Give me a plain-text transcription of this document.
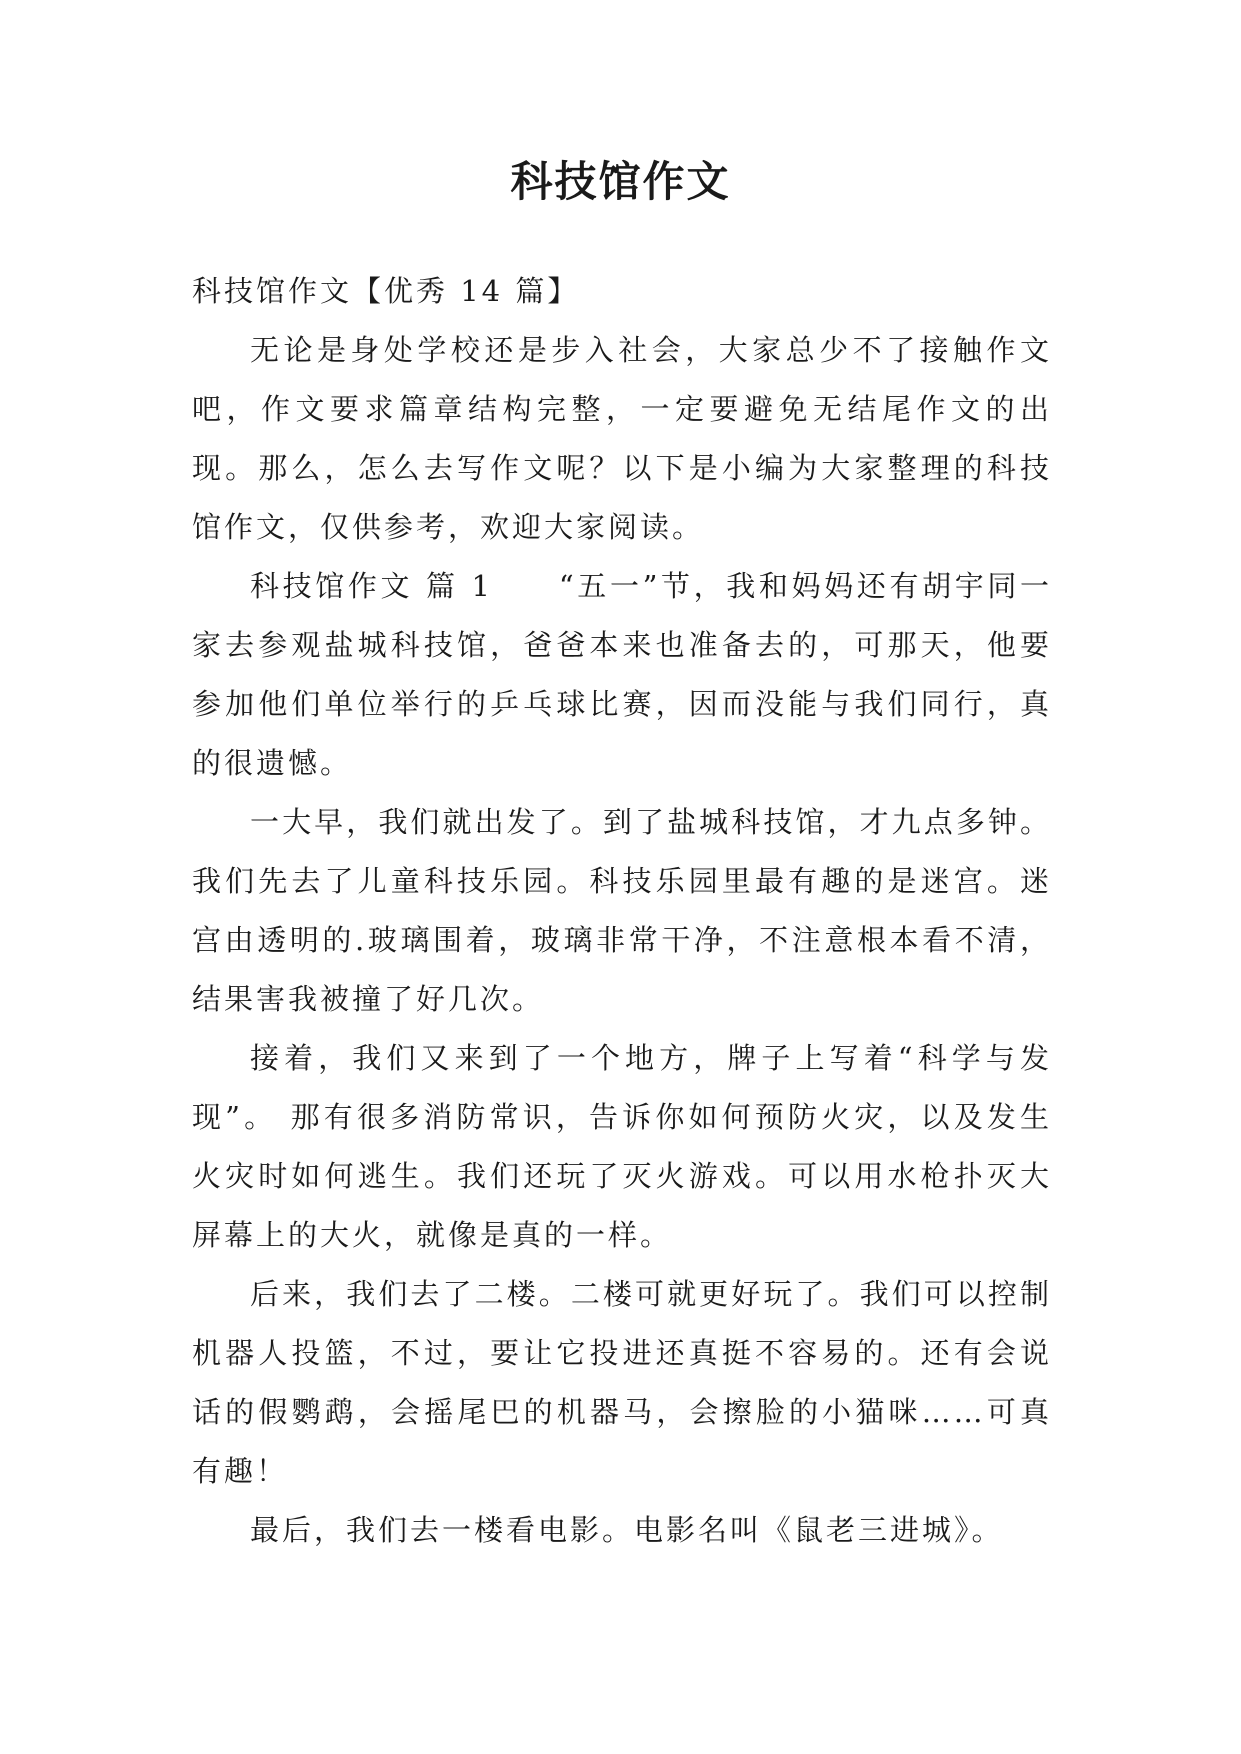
科技馆作文

科技馆作文【优秀 14 篇】

无论是身处学校还是步入社会，大家总少不了接触作文吧，作文要求篇章结构完整，一定要避免无结尾作文的出现。那么，怎么去写作文呢？以下是小编为大家整理的科技馆作文，仅供参考，欢迎大家阅读。

科技馆作文 篇 1　　“五一”节，我和妈妈还有胡宇同一家去参观盐城科技馆，爸爸本来也准备去的，可那天，他要参加他们单位举行的乒乓球比赛，因而没能与我们同行，真的很遗憾。

一大早，我们就出发了。到了盐城科技馆，才九点多钟。我们先去了儿童科技乐园。科技乐园里最有趣的是迷宫。迷宫由透明的.玻璃围着，玻璃非常干净，不注意根本看不清，结果害我被撞了好几次。

接着，我们又来到了一个地方，牌子上写着“科学与发现”。 那有很多消防常识，告诉你如何预防火灾，以及发生火灾时如何逃生。我们还玩了灭火游戏。可以用水枪扑灭大屏幕上的大火，就像是真的一样。

后来，我们去了二楼。二楼可就更好玩了。我们可以控制机器人投篮，不过，要让它投进还真挺不容易的。还有会说话的假鹦鹉，会摇尾巴的机器马，会擦脸的小猫咪……可真有趣！

最后，我们去一楼看电影。电影名叫《鼠老三进城》。
